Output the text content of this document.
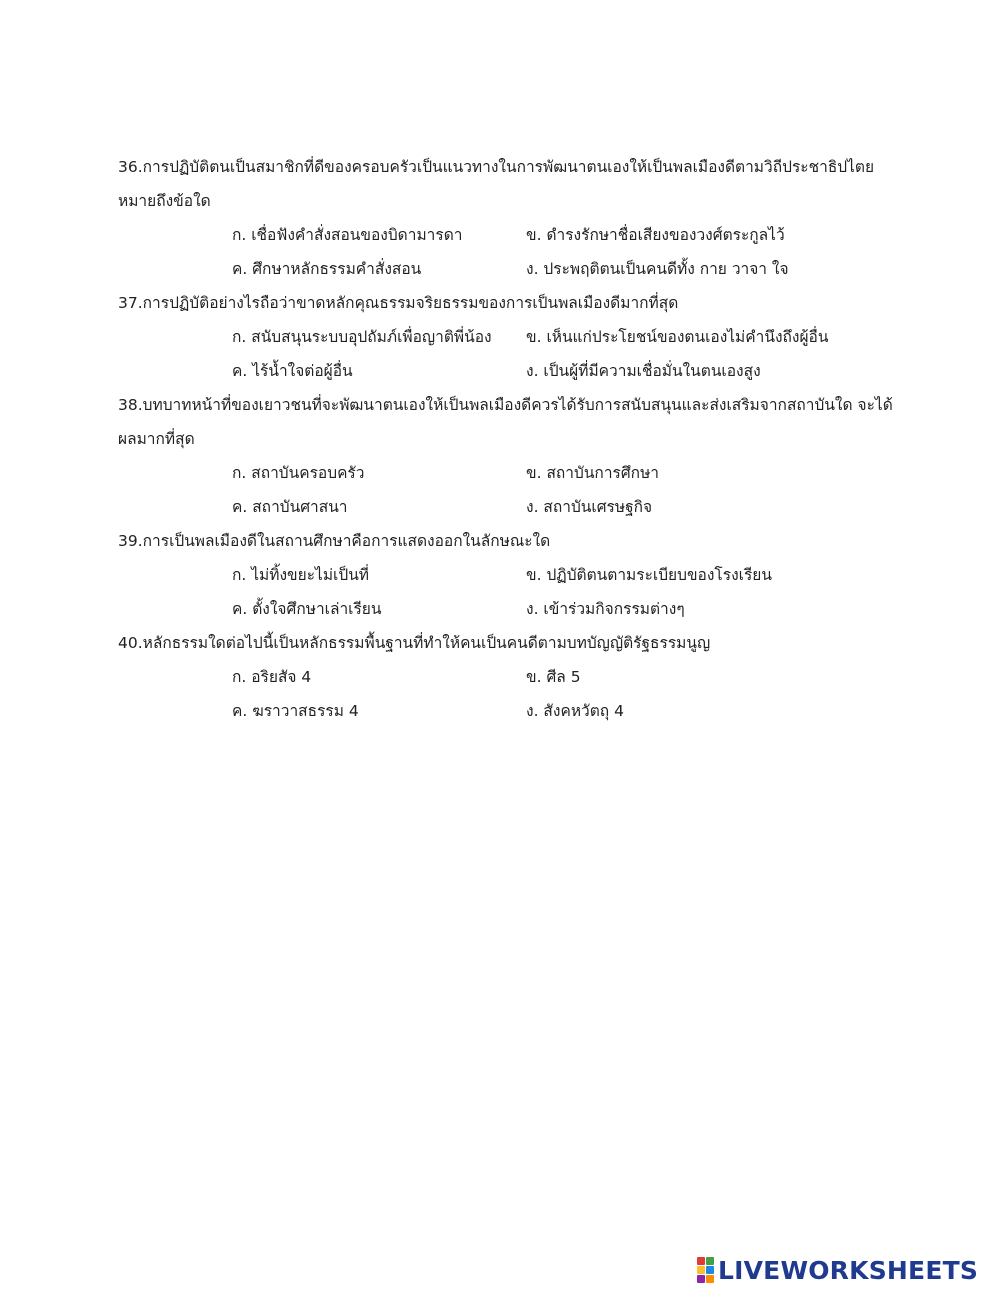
36.การปฏิบัติตนเป็นสมาชิกที่ดีของครอบครัวเป็นแนวทางในการพัฒนาตนเองให้เป็นพลเมืองดีตามวิถีประชาธิปไตย หมายถึงข้อใด

ก. เชื่อฟังคำสั่งสอนของบิดามารดา	ข. ดำรงรักษาชื่อเสียงของวงศ์ตระกูลไว้
ค. ศึกษาหลักธรรมคำสั่งสอน	ง. ประพฤติตนเป็นคนดีทั้ง กาย วาจา ใจ

37.การปฏิบัติอย่างไรถือว่าขาดหลักคุณธรรมจริยธรรมของการเป็นพลเมืองดีมากที่สุด

ก. สนับสนุนระบบอุปถัมภ์เพื่อญาติพี่น้อง	ข. เห็นแก่ประโยชน์ของตนเองไม่คำนึงถึงผู้อื่น
ค. ไร้น้ำใจต่อผู้อื่น	ง. เป็นผู้ที่มีความเชื่อมั่นในตนเองสูง

38.บทบาทหน้าที่ของเยาวชนที่จะพัฒนาตนเองให้เป็นพลเมืองดีควรได้รับการสนับสนุนและส่งเสริมจากสถาบันใด จะได้ผลมากที่สุด

ก. สถาบันครอบครัว	ข. สถาบันการศึกษา
ค. สถาบันศาสนา	ง. สถาบันเศรษฐกิจ

39.การเป็นพลเมืองดีในสถานศึกษาคือการแสดงออกในลักษณะใด

ก. ไม่ทิ้งขยะไม่เป็นที่	ข. ปฏิบัติตนตามระเบียบของโรงเรียน
ค. ตั้งใจศึกษาเล่าเรียน	ง. เข้าร่วมกิจกรรมต่างๆ

40.หลักธรรมใดต่อไปนี้เป็นหลักธรรมพื้นฐานที่ทำให้คนเป็นคนดีตามบทบัญญัติรัฐธรรมนูญ

ก. อริยสัจ 4	ข. ศีล 5
ค. ฆราวาสธรรม 4	ง. สังคหวัตถุ 4
LIVEWORKSHEETS
